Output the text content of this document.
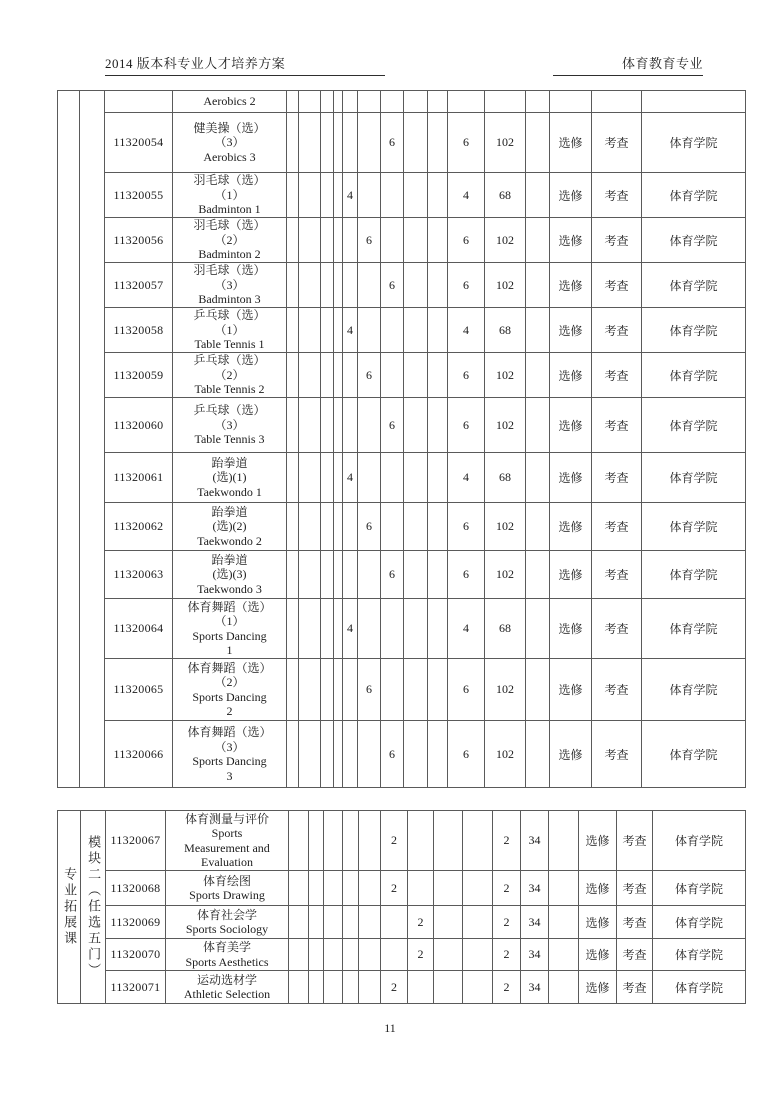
2014 版本科专业人才培养方案	体育教育专业

			Aerobics 2															

		11320054	健美操（选）
（3）
Aerobics 3							6			6	102		选修	考查	体育学院
		11320055	羽毛球（选）
（1）
Badminton 1					4					4	68		选修	考查	体育学院
		11320056	羽毛球（选）
（2）
Badminton 2						6				6	102		选修	考查	体育学院
		11320057	羽毛球（选）
（3）
Badminton 3							6			6	102		选修	考查	体育学院
		11320058	乒乓球（选）
（1）
Table Tennis 1					4					4	68		选修	考查	体育学院
		11320059	乒乓球（选）
（2）
Table Tennis 2						6				6	102		选修	考查	体育学院
		11320060	乒乓球（选）
（3）
Table Tennis 3							6			6	102		选修	考查	体育学院
		11320061	跆拳道
(选)(1)
Taekwondo 1					4					4	68		选修	考查	体育学院
		11320062	跆拳道
(选)(2)
Taekwondo 2						6				6	102		选修	考查	体育学院
		11320063	跆拳道
(选)(3)
Taekwondo 3							6			6	102		选修	考查	体育学院
		11320064	体育舞蹈（选）
（1）
Sports Dancing
1					4					4	68		选修	考查	体育学院
		11320065	体育舞蹈（选）
（2）
Sports Dancing
2						6				6	102		选修	考查	体育学院
		11320066	体育舞蹈（选）
（3）
Sports Dancing
3							6			6	102		选修	考查	体育学院
专业拓展课	模块二（任选五门）	11320067	体育测量与评价
Sports
Measurement and
Evaluation						2				2	34		选修	考查	体育学院
		11320068	体育绘图
Sports Drawing						2				2	34		选修	考查	体育学院
		11320069	体育社会学
Sports Sociology							2			2	34		选修	考查	体育学院
		11320070	体育美学
Sports Aesthetics							2			2	34		选修	考查	体育学院
		11320071	运动选材学
Athletic Selection						2				2	34		选修	考查	体育学院
11
